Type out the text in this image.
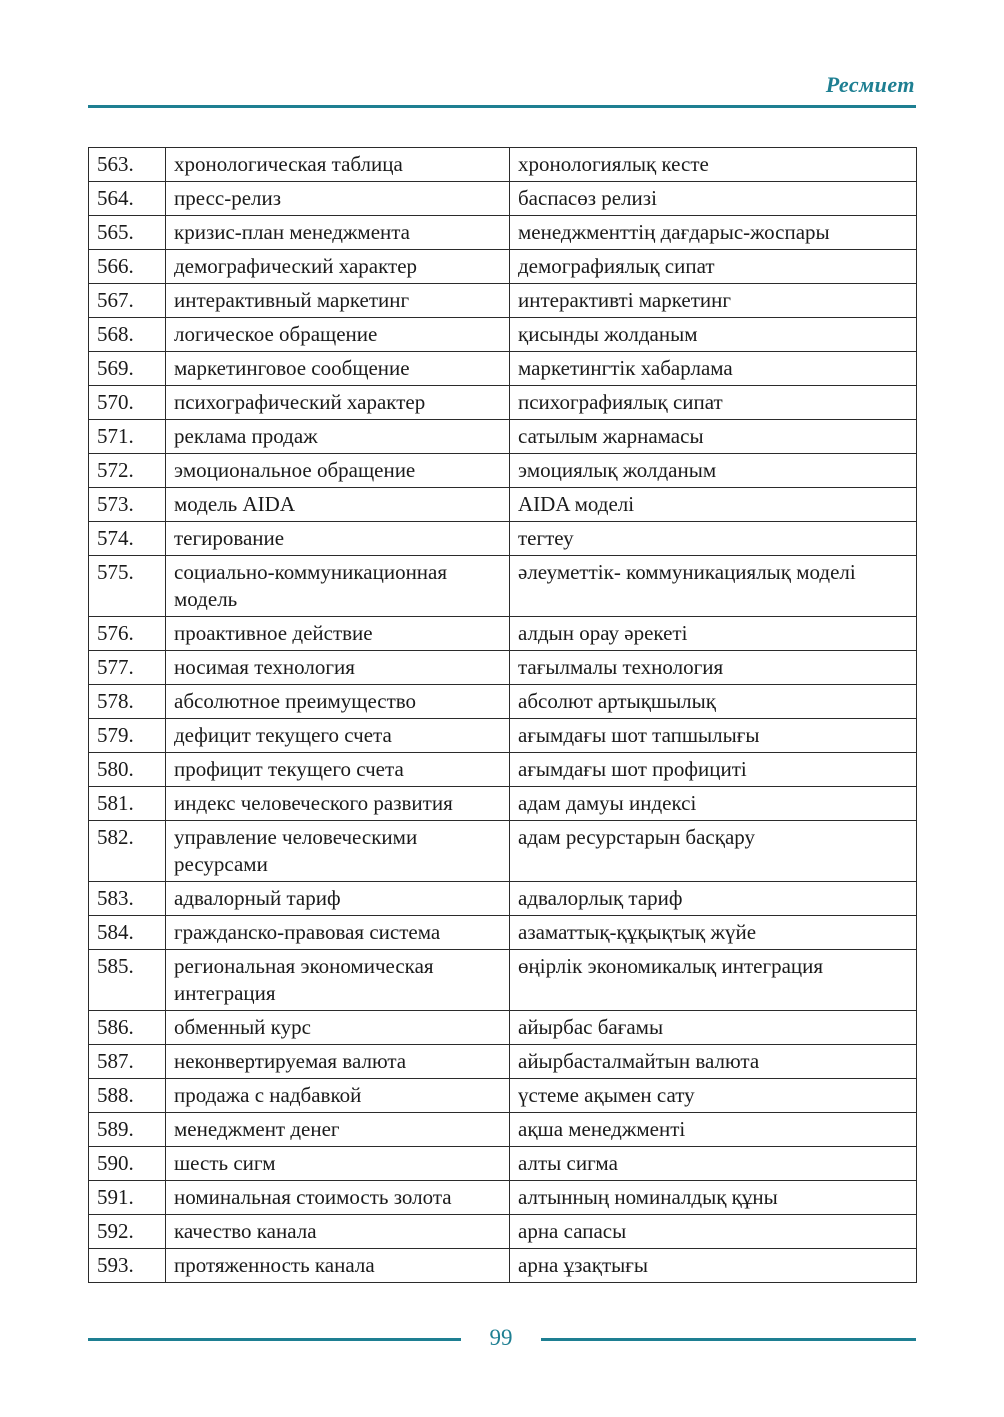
Ресмиет
563.	хронологическая таблица	хронологиялық кесте
564.	пресс-релиз	баспасөз релизі
565.	кризис-план менеджмента	менеджменттің дағдарыс-жоспары
566.	демографический характер	демографиялық сипат
567.	интерактивный маркетинг	интерактивті маркетинг
568.	логическое обращение	қисынды жолданым
569.	маркетинговое сообщение	маркетингтік хабарлама
570.	психографический характер	психографиялық сипат
571.	реклама продаж	сатылым жарнамасы
572.	эмоциональное обращение	эмоциялық жолданым
573.	модель AIDA	AIDA моделі
574.	тегирование	тегтеу
575.	социально-коммуникационная модель	әлеуметтік- коммуникациялық моделі
576.	проактивное действие	алдын орау әрекеті
577.	носимая технология	тағылмалы технология
578.	абсолютное преимущество	абсолют артықшылық
579.	дефицит текущего счета	ағымдағы шот тапшылығы
580.	профицит текущего счета	ағымдағы шот профициті
581.	индекс человеческого развития	адам дамуы индексі
582.	управление человеческими ресурсами	адам ресурстарын басқару
583.	адвалорный тариф	адвалорлық тариф
584.	гражданско-правовая система	азаматтық-құқықтық жүйе
585.	региональная экономическая интеграция	өңірлік экономикалық интеграция
586.	обменный курс	айырбас бағамы
587.	неконвертируемая валюта	айырбасталмайтын валюта
588.	продажа с надбавкой	үстеме ақымен сату
589.	менеджмент денег	ақша менеджменті
590.	шесть сигм	алты сигма
591.	номинальная стоимость золота	алтынның номиналдық құны
592.	качество канала	арна сапасы
593.	протяженность канала	арна ұзақтығы
99
